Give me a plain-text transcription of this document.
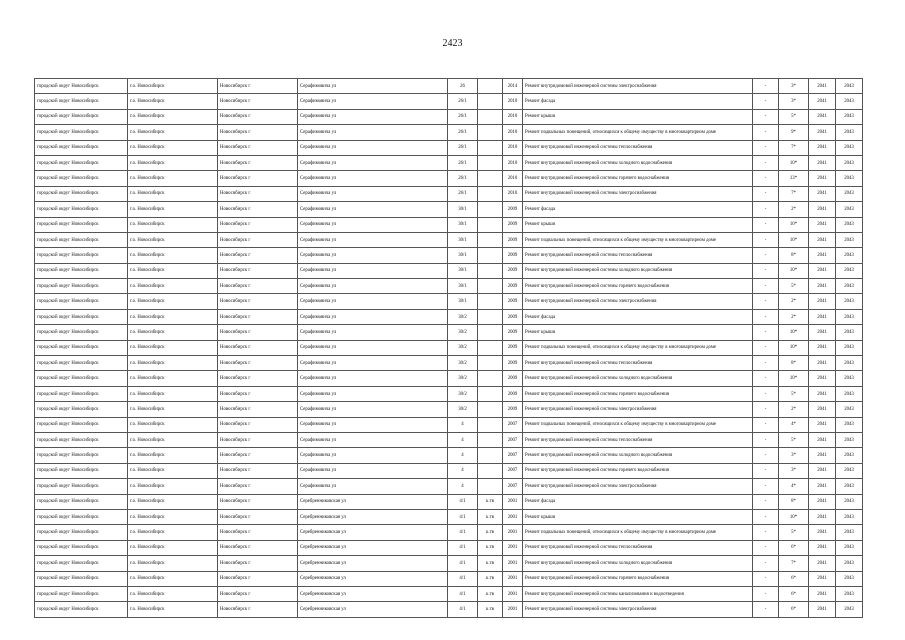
2423
городской округ Новосибирск	г.о. Новосибирск	Новосибирск г	Серафимовича ул	26		2014	Ремонт внутридомовой инженерной системы электроснабжения	-	3*	2041	2043
городской округ Новосибирск	г.о. Новосибирск	Новосибирск г	Серафимовича ул	26/1		2010	Ремонт фасада	-	3*	2041	2043
городской округ Новосибирск	г.о. Новосибирск	Новосибирск г	Серафимовича ул	26/1		2010	Ремонт крыши	-	5*	2041	2043
городской округ Новосибирск	г.о. Новосибирск	Новосибирск г	Серафимовича ул	26/1		2010	Ремонт подвальных помещений, относящихся к общему имуществу в многоквартирном доме	-	9*	2041	2043
городской округ Новосибирск	г.о. Новосибирск	Новосибирск г	Серафимовича ул	26/1		2010	Ремонт внутридомовой инженерной системы теплоснабжения	-	7*	2041	2043
городской округ Новосибирск	г.о. Новосибирск	Новосибирск г	Серафимовича ул	26/1		2010	Ремонт внутридомовой инженерной системы холодного водоснабжения	-	10*	2041	2043
городской округ Новосибирск	г.о. Новосибирск	Новосибирск г	Серафимовича ул	26/1		2010	Ремонт внутридомовой инженерной системы горячего водоснабжения	-	13*	2041	2043
городской округ Новосибирск	г.о. Новосибирск	Новосибирск г	Серафимовича ул	26/1		2010	Ремонт внутридомовой инженерной системы электроснабжения	-	7*	2041	2043
городской округ Новосибирск	г.о. Новосибирск	Новосибирск г	Серафимовича ул	30/1		2009	Ремонт фасада	-	2*	2041	2043
городской округ Новосибирск	г.о. Новосибирск	Новосибирск г	Серафимовича ул	30/1		2009	Ремонт крыши	-	10*	2041	2043
городской округ Новосибирск	г.о. Новосибирск	Новосибирск г	Серафимовича ул	30/1		2009	Ремонт подвальных помещений, относящихся к общему имуществу в многоквартирном доме	-	10*	2041	2043
городской округ Новосибирск	г.о. Новосибирск	Новосибирск г	Серафимовича ул	30/1		2009	Ремонт внутридомовой инженерной системы теплоснабжения	-	8*	2041	2043
городской округ Новосибирск	г.о. Новосибирск	Новосибирск г	Серафимовича ул	30/1		2009	Ремонт внутридомовой инженерной системы холодного водоснабжения	-	10*	2041	2043
городской округ Новосибирск	г.о. Новосибирск	Новосибирск г	Серафимовича ул	30/1		2009	Ремонт внутридомовой инженерной системы горячего водоснабжения	-	5*	2041	2043
городской округ Новосибирск	г.о. Новосибирск	Новосибирск г	Серафимовича ул	30/1		2009	Ремонт внутридомовой инженерной системы электроснабжения	-	2*	2041	2043
городской округ Новосибирск	г.о. Новосибирск	Новосибирск г	Серафимовича ул	30/2		2009	Ремонт фасада	-	2*	2041	2043
городской округ Новосибирск	г.о. Новосибирск	Новосибирск г	Серафимовича ул	30/2		2009	Ремонт крыши	-	10*	2041	2043
городской округ Новосибирск	г.о. Новосибирск	Новосибирск г	Серафимовича ул	30/2		2009	Ремонт подвальных помещений, относящихся к общему имуществу в многоквартирном доме	-	10*	2041	2043
городской округ Новосибирск	г.о. Новосибирск	Новосибирск г	Серафимовича ул	30/2		2009	Ремонт внутридомовой инженерной системы теплоснабжения	-	8*	2041	2043
городской округ Новосибирск	г.о. Новосибирск	Новосибирск г	Серафимовича ул	30/2		2009	Ремонт внутридомовой инженерной системы холодного водоснабжения	-	10*	2041	2043
городской округ Новосибирск	г.о. Новосибирск	Новосибирск г	Серафимовича ул	30/2		2009	Ремонт внутридомовой инженерной системы горячего водоснабжения	-	5*	2041	2043
городской округ Новосибирск	г.о. Новосибирск	Новосибирск г	Серафимовича ул	30/2		2009	Ремонт внутридомовой инженерной системы электроснабжения	-	2*	2041	2043
городской округ Новосибирск	г.о. Новосибирск	Новосибирск г	Серафимовича ул	4		2007	Ремонт подвальных помещений, относящихся к общему имуществу в многоквартирном доме	-	4*	2041	2043
городской округ Новосибирск	г.о. Новосибирск	Новосибирск г	Серафимовича ул	4		2007	Ремонт внутридомовой инженерной системы теплоснабжения	-	5*	2041	2043
городской округ Новосибирск	г.о. Новосибирск	Новосибирск г	Серафимовича ул	4		2007	Ремонт внутридомовой инженерной системы холодного водоснабжения	-	3*	2041	2043
городской округ Новосибирск	г.о. Новосибирск	Новосибирск г	Серафимовича ул	4		2007	Ремонт внутридомовой инженерной системы горячего водоснабжения	-	3*	2041	2043
городской округ Новосибирск	г.о. Новосибирск	Новосибирск г	Серафимовича ул	4		2007	Ремонт внутридомовой инженерной системы электроснабжения	-	4*	2041	2043
городской округ Новосибирск	г.о. Новосибирск	Новосибирск г	Серебренниковская ул	4/1	к.тв	2001	Ремонт фасада	-	8*	2041	2043
городской округ Новосибирск	г.о. Новосибирск	Новосибирск г	Серебренниковская ул	4/1	к.тв	2001	Ремонт крыши	-	10*	2041	2043
городской округ Новосибирск	г.о. Новосибирск	Новосибирск г	Серебренниковская ул	4/1	к.тв	2001	Ремонт подвальных помещений, относящихся к общему имуществу в многоквартирном доме	-	5*	2041	2043
городской округ Новосибирск	г.о. Новосибирск	Новосибирск г	Серебренниковская ул	4/1	к.тв	2001	Ремонт внутридомовой инженерной системы теплоснабжения	-	6*	2041	2043
городской округ Новосибирск	г.о. Новосибирск	Новосибирск г	Серебренниковская ул	4/1	к.тв	2001	Ремонт внутридомовой инженерной системы холодного водоснабжения	-	7*	2041	2043
городской округ Новосибирск	г.о. Новосибирск	Новосибирск г	Серебренниковская ул	4/1	к.тв	2001	Ремонт внутридомовой инженерной системы горячего водоснабжения	-	6*	2041	2043
городской округ Новосибирск	г.о. Новосибирск	Новосибирск г	Серебренниковская ул	4/1	к.тв	2001	Ремонт внутридомовой инженерной системы канализования и водоотведения	-	6*	2041	2043
городской округ Новосибирск	г.о. Новосибирск	Новосибирск г	Серебренниковская ул	4/1	к.тв	2001	Ремонт внутридомовой инженерной системы электроснабжения	-	6*	2041	2043
